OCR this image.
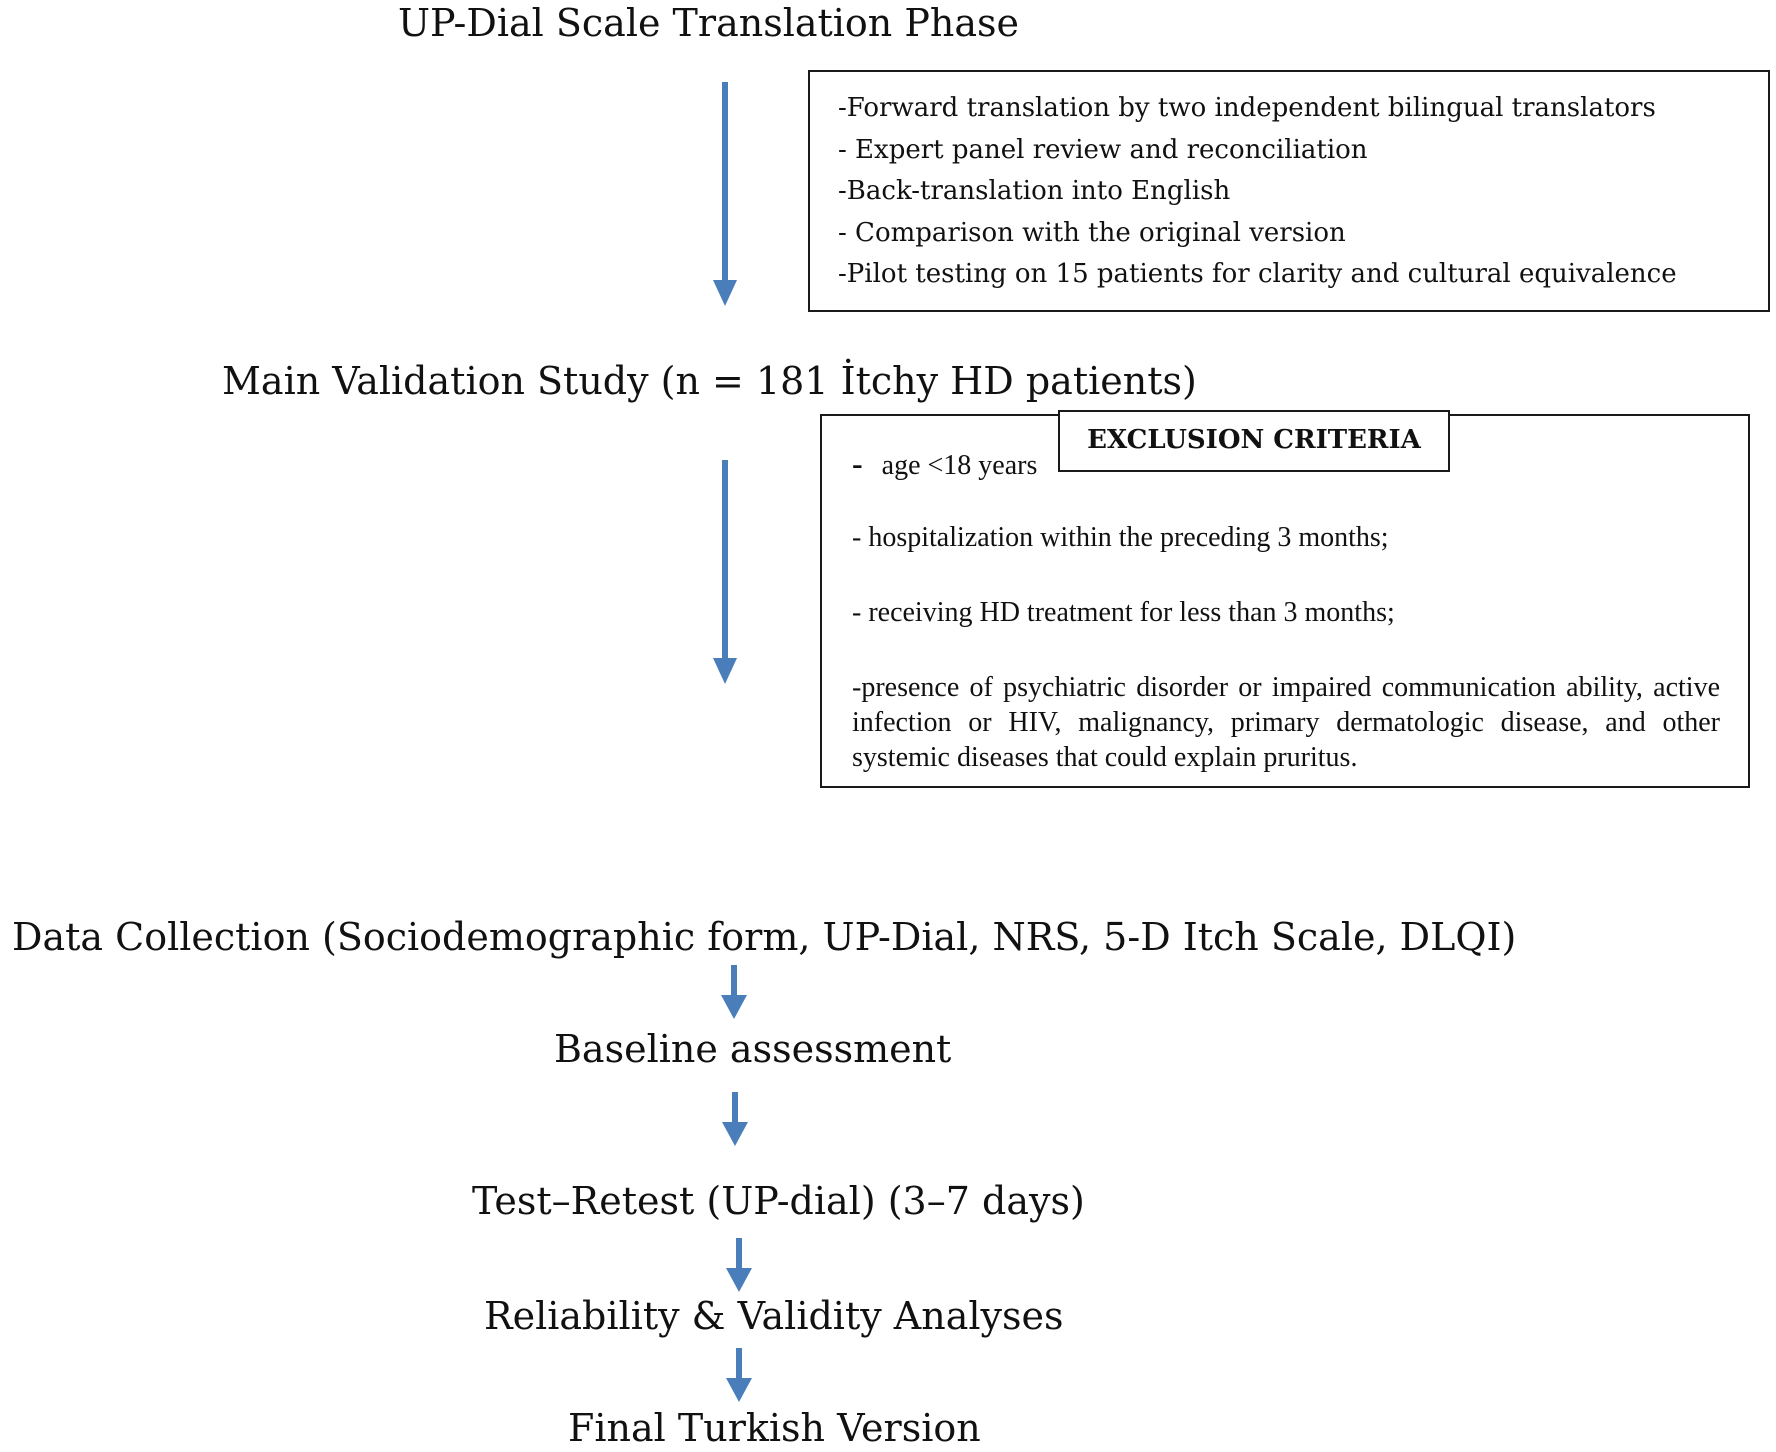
UP-Dial Scale Translation Phase
-Forward translation by two independent bilingual translators
- Expert panel review and reconciliation
-Back-translation into English
- Comparison with the original version
-Pilot testing on 15 patients for clarity and cultural equivalence
Main Validation Study (n = 181 İtchy HD patients)
- age <18 years
- hospitalization within the preceding 3 months;
- receiving HD treatment for less than 3 months;
-presence of psychiatric disorder or impaired communication ability, active infection or HIV, malignancy, primary dermatologic disease, and other systemic diseases that could explain pruritus.
EXCLUSION CRITERIA
Data Collection (Sociodemographic form, UP-Dial, NRS, 5-D Itch Scale, DLQI)
Baseline assessment
Test–Retest (UP-dial) (3–7 days)
Reliability & Validity Analyses
Final Turkish Version
